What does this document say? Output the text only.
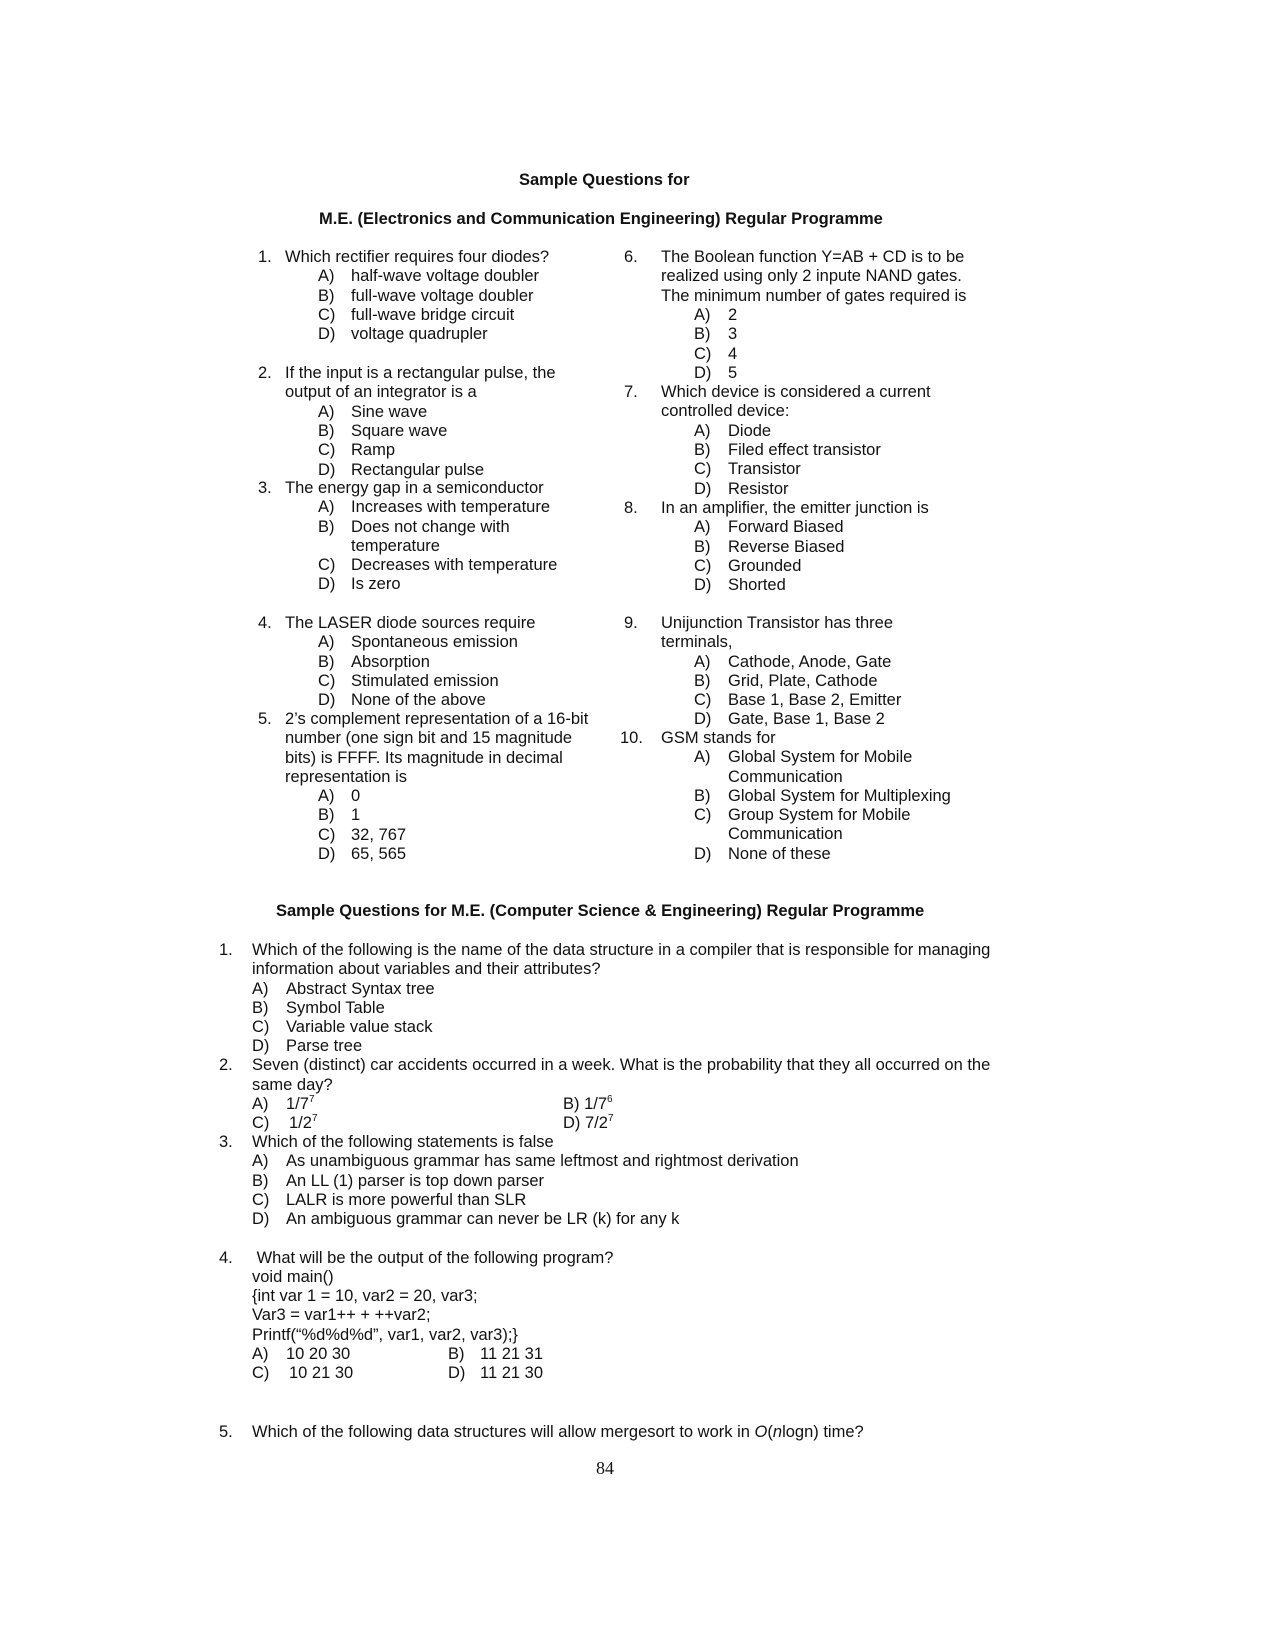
Sample Questions for
M.E. (Electronics and Communication Engineering) Regular Programme
1. Which rectifier requires four diodes?
A) half-wave voltage doubler
B) full-wave voltage doubler
C) full-wave bridge circuit
D) voltage quadrupler
2. If the input is a rectangular pulse, the
output of an integrator is a
A) Sine wave
B) Square wave
C) Ramp
D) Rectangular pulse
3. The energy gap in a semiconductor
A) Increases with temperature
B) Does not change with
temperature
C) Decreases with temperature
D) Is zero
4. The LASER diode sources require
A) Spontaneous emission
B) Absorption
C) Stimulated emission
D) None of the above
5. 2’s complement representation of a 16-bit
number (one sign bit and 15 magnitude
bits) is FFFF. Its magnitude in decimal
representation is
A) 0
B) 1
C) 32, 767
D) 65, 565
6. The Boolean function Y=AB + CD is to be
realized using only 2 inpute NAND gates.
The minimum number of gates required is
A) 2
B) 3
C) 4
D) 5
7. Which device is considered a current
controlled device:
A) Diode
B) Filed effect transistor
C) Transistor
D) Resistor
8. In an amplifier, the emitter junction is
A) Forward Biased
B) Reverse Biased
C) Grounded
D) Shorted
9. Unijunction Transistor has three
terminals,
A) Cathode, Anode, Gate
B) Grid, Plate, Cathode
C) Base 1, Base 2, Emitter
D) Gate, Base 1, Base 2
10. GSM stands for
A) Global System for Mobile
Communication
B) Global System for Multiplexing
C) Group System for Mobile
Communication
D) None of these
Sample Questions for M.E. (Computer Science & Engineering) Regular Programme
1. Which of the following is the name of the data structure in a compiler that is responsible for managing
information about variables and their attributes?
A) Abstract Syntax tree
B) Symbol Table
C) Variable value stack
D) Parse tree
2. Seven (distinct) car accidents occurred in a week. What is the probability that they all occurred on the
same day?
A) $1/7^7$	B) $1/7^6$
C) $1/2^7$	D) $7/2^7$
3. Which of the following statements is false
A) As unambiguous grammar has same leftmost and rightmost derivation
B) An LL (1) parser is top down parser
C) LALR is more powerful than SLR
D) An ambiguous grammar can never be LR (k) for any k
4. What will be the output of the following program?
void main()
{int var 1 = 10, var2 = 20, var3;
Var3 = var1++ + ++var2;
Printf(“%d%d%d”, var1, var2, var3);}
A) 10 20 30	B) 11 21 31
C) 10 21 30	D) 11 21 30
5. Which of the following data structures will allow mergesort to work in O(nlogn) time?
84
